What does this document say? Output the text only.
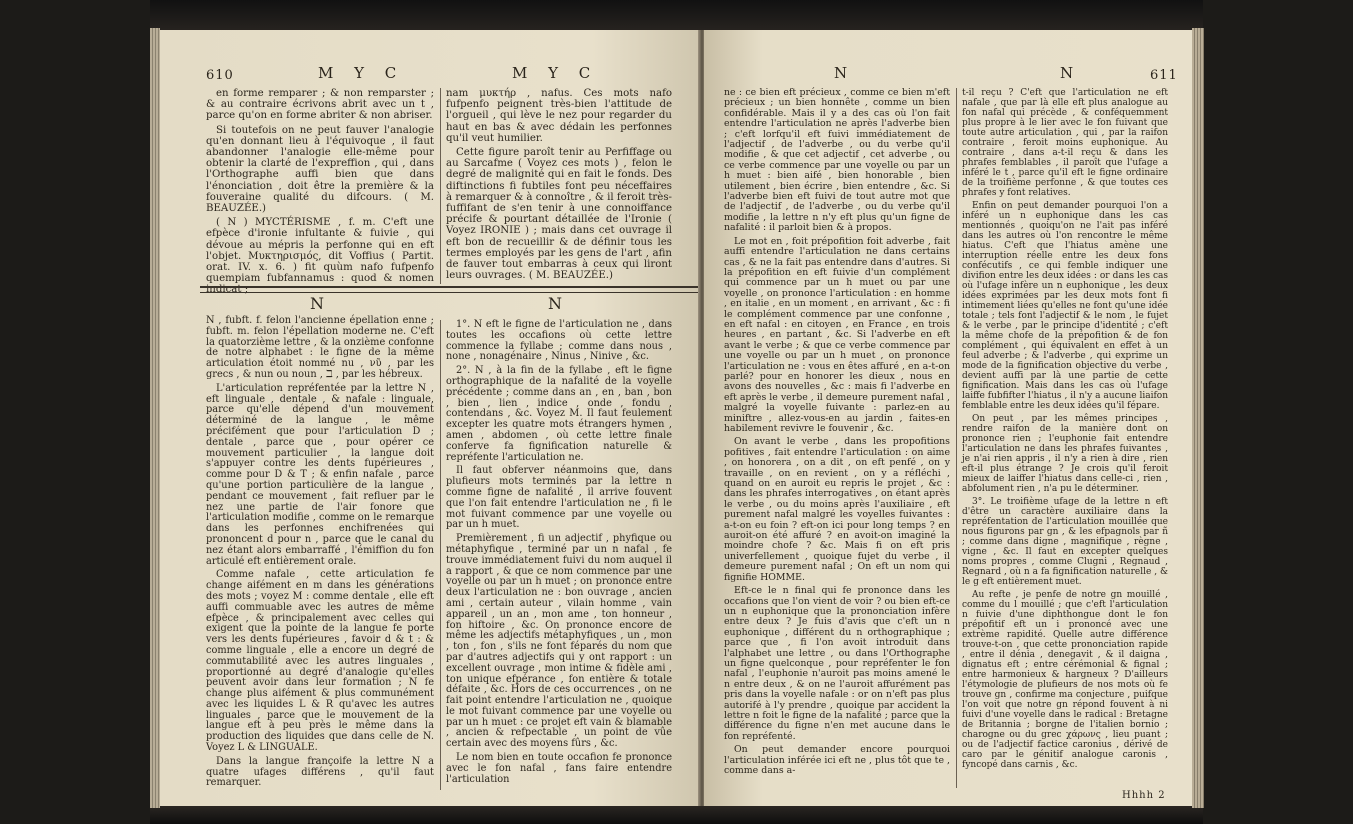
610	M Y C	M Y C

en forme remparer ; & non remparster ; & au contraire écrivons abrit avec un t , parce qu'on en forme abriter & non abriser.

Si toutefois on ne peut fauver l'analogie qu'en donnant lieu à l'équivoque , il faut abandonner l'analogie elle-même pour obtenir la clarté de l'expreffion , qui , dans l'Orthographe auffi bien que dans l'énonciation , doit être la première & la fouveraine qualité du difcours. ( M. BEAUZÉE.)

( N ) MYCTÉRISME , f. m. C'eft une efpèce d'ironie infultante & fuivie , qui dévoue au mépris la perfonne qui en eft l'objet. Mυκτηρισμός, dit Voffius ( Partit. orat. IV. x. 6. ) fit quùm nafo fufpenfo quempiam fubfannamus : quod & nomen indicat ;

nam μυκτήρ , nafus. Ces mots nafo fufpenfo peignent très-bien l'attitude de l'orgueil , qui lève le nez pour regarder du haut en bas & avec dédain les perfonnes qu'il veut humilier.

Cette figure paroît tenir au Perfiffage ou au Sarcafme ( Voyez ces mots ) , felon le degré de malignité qui en fait le fonds. Des diftinctions fi fubtiles font peu néceffaires à remarquer & à connoître , & il feroit très-fuffifant de s'en tenir à une connoiffance précife & pourtant détaillée de l'Ironie ( Voyez IRONIE ) ; mais dans cet ouvrage il eft bon de recueillir & de définir tous les termes employés par les gens de l'art , afin de fauver tout embarras à ceux qui liront leurs ouvrages. ( M. BEAUZÉE.)

N	N

N , fubft. f. felon l'ancienne épellation enne ; fubft. m. felon l'épellation moderne ne. C'eft la quatorzième lettre , & la onzième confonne de notre alphabet : le figne de la même articulation étoit nommé nu , νῦ , par les grecs , & nun ou noun , ℶ , par les hébreux.

L'articulation repréfentée par la lettre N , eft linguale , dentale , & nafale : linguale, parce qu'elle dépend d'un mouvement déterminé de la langue , le même précifément que pour l'articulation D ; dentale , parce que , pour opérer ce mouvement particulier , la langue doit s'appuyer contre les dents fupérieures , comme pour D & T ; & enfin nafale , parce qu'une portion particulière de la langue , pendant ce mouvement , fait refluer par le nez une partie de l'air fonore que l'articulation modifie , comme on le remarque dans les perfonnes enchifrenées qui prononcent d pour n , parce que le canal du nez étant alors embarraffé , l'émiffion du fon articulé eft entièrement orale.

Comme nafale , cette articulation fe change aifément en m dans les générations des mots ; voyez M : comme dentale , elle eft auffi commuable avec les autres de même efpèce , & principalement avec celles qui exigent que la pointe de la langue fe porte vers les dents fupérieures , favoir d & t : & comme linguale , elle a encore un degré de commutabilité avec les autres linguales , proportionné au degré d'analogie qu'elles peuvent avoir dans leur formation ; N fe change plus aifément & plus communément avec les liquides L & R qu'avec les autres linguales , parce que le mouvement de la langue eft à peu près le même dans la production des liquides que dans celle de N. Voyez L & LINGUALE.

Dans la langue françoife la lettre N a quatre ufages différens , qu'il faut remarquer.

1°. N eft le figne de l'articulation ne , dans toutes les occafions où cette lettre commence la fyllabe ; comme dans nous , none , nonagénaire , Ninus , Ninive , &c.

2°. N , à la fin de la fyllabe , eft le figne orthographique de la nafalité de la voyelle précédente ; comme dans an , en , ban , bon , bien , lien , indice , onde , fondu , contendans , &c. Voyez M. Il faut feulement excepter les quatre mots étrangers hymen , amen , abdomen , où cette lettre finale conferve fa fignification naturelle & repréfente l'articulation ne.

Il faut obferver néanmoins que, dans plufieurs mots terminés par la lettre n comme figne de nafalité , il arrive fouvent que l'on fait entendre l'articulation ne , fi le mot fuivant commence par une voyelle ou par un h muet.

Premièrement , fi un adjectif , phyfique ou métaphyfique , terminé par un n nafal , fe trouve immédiatement fuivi du nom auquel il a rapport , & que ce nom commence par une voyelle ou par un h muet ; on prononce entre deux l'articulation ne : bon ouvrage , ancien ami , certain auteur , vilain homme , vain appareil , un an , mon ame , ton honneur , fon hiftoire , &c. On prononce encore de même les adjectifs métaphyfiques , un , mon , ton , fon , s'ils ne font féparés du nom que par d'autres adjectifs qui y ont rapport : un excellent ouvrage , mon intime & fidèle ami , ton unique efpérance , fon entière & totale défaite , &c. Hors de ces occurrences , on ne fait point entendre l'articulation ne , quoique le mot fuivant commence par une voyelle ou par un h muet : ce projet eft vain & blamable , ancien & refpectable , un point de vûe certain avec des moyens fûrs , &c.

Le nom bien en toute occafion fe prononce avec le fon nafal , fans faire entendre l'articulation

N	N	611

ne : ce bien eft précieux , comme ce bien m'eft précieux ; un bien honnête , comme un bien confidérable. Mais il y a des cas où l'on fait entendre l'articulation ne après l'adverbe bien ; c'eft lorfqu'il eft fuivi immédiatement de l'adjectif , de l'adverbe , ou du verbe qu'il modifie , & que cet adjectif , cet adverbe , ou ce verbe commence par une voyelle ou par un h muet : bien aifé , bien honorable , bien utilement , bien écrire , bien entendre , &c. Si l'adverbe bien eft fuivi de tout autre mot que de l'adjectif , de l'adverbe , ou du verbe qu'il modifie , la lettre n n'y eft plus qu'un figne de nafalité : il parloit bien & à propos.

Le mot en , foit prépofition foit adverbe , fait auffi entendre l'articulation ne dans certains cas , & ne la fait pas entendre dans d'autres. Si la prépofition en eft fuivie d'un complément qui commence par un h muet ou par une voyelle , on prononce l'articulation : en homme , en italie , en un moment , en arrivant , &c : fi le complément commence par une confonne , en eft nafal : en citoyen , en France , en trois heures , en partant , &c. Si l'adverbe en eft avant le verbe ; & que ce verbe commence par une voyelle ou par un h muet , on prononce l'articulation ne : vous en êtes affuré , en a-t-on parlé? pour en honorer les dieux , nous en avons des nouvelles , &c : mais fi l'adverbe en eft après le verbe , il demeure purement nafal , malgré la voyelle fuivante : parlez-en au miniftre , allez-vous-en au jardin , faites-en habilement revivre le fouvenir , &c.

On avant le verbe , dans les propofitions pofitives , fait entendre l'articulation : on aime , on honorera , on a dit , on eft penfé , on y travaille , on en revient , on y a réfléchi , quand on en auroit eu repris le projet , &c : dans les phrafes interrogatives , on étant après le verbe , ou du moins après l'auxiliaire , eft purement nafal malgré les voyelles fuivantes : a-t-on eu foin ? eft-on ici pour long temps ? en auroit-on été affuré ? en avoit-on imaginé la moindre chofe ? &c. Mais fi on eft pris univerfellement , quoique fujet du verbe , il demeure purement nafal ; On eft un nom qui fignifie HOMME.

Eft-ce le n final qui fe prononce dans les occafions que l'on vient de voir ? ou bien eft-ce un n euphonique que la prononciation infère entre deux ? Je fuis d'avis que c'eft un n euphonique , différent du n orthographique ; parce que , fi l'on avoit introduit dans l'alphabet une lettre , ou dans l'Orthographe un figne quelconque , pour repréfenter le fon nafal , l'euphonie n'auroit pas moins amené le n entre deux , & on ne l'auroit affurément pas pris dans la voyelle nafale : or on n'eft pas plus autorifé à l'y prendre , quoique par accident la lettre n foit le figne de la nafalité ; parce que la différence du figne n'en met aucune dans le fon repréfenté.

On peut demander encore pourquoi l'articulation inférée ici eft ne , plus tôt que te , comme dans a-

t-il reçu ? C'eft que l'articulation ne eft nafale , que par là elle eft plus analogue au fon nafal qui précède , & conféquemment plus propre à le lier avec le fon fuivant que toute autre articulation , qui , par la raifon contraire , feroit moins euphonique. Au contraire , dans a-t-il reçu & dans les phrafes femblables , il paroît que l'ufage a inféré le t , parce qu'il eft le figne ordinaire de la troifième perfonne , & que toutes ces phrafes y font relatives.

Enfin on peut demander pourquoi l'on a inféré un n euphonique dans les cas mentionnés , quoiqu'on ne l'ait pas inféré dans les autres où l'on rencontre le même hiatus. C'eft que l'hiatus amène une interruption réelle entre les deux fons confécutifs , ce qui femble indiquer une divifion entre les deux idées : or dans les cas où l'ufage infère un n euphonique , les deux idées exprimées par les deux mots font fi intimement liées qu'elles ne font qu'une idée totale ; tels font l'adjectif & le nom , le fujet & le verbe , par le principe d'identité ; c'eft la même chofe de la prépofition & de fon complément , qui équivalent en effet à un feul adverbe ; & l'adverbe , qui exprime un mode de la fignification objective du verbe , devient auffi par là une partie de cette fignification. Mais dans les cas où l'ufage laiffe fubfifter l'hiatus , il n'y a aucune liaifon femblable entre les deux idées qu'il fépare.

On peut , par les mêmes principes , rendre raifon de la manière dont on prononce rien ; l'euphonie fait entendre l'articulation ne dans les phrafes fuivantes , je n'ai rien appris , il n'y a rien à dire , rien eft-il plus étrange ? Je crois qu'il feroit mieux de laiffer l'hiatus dans celle-ci , rien , abfolument rien , n'a pu le déterminer.

3°. Le troifième ufage de la lettre n eft d'être un caractère auxiliaire dans la repréfentation de l'articulation mouillée que nous figurons par gn , & les efpagnols par ñ ; comme dans digne , magnifique , règne , vigne , &c. Il faut en excepter quelques noms propres , comme Clugni , Regnaud , Regnard , où n a fa fignification naturelle , & le g eft entièrement muet.

Au refte , je penfe de notre gn mouillé , comme du l mouillé ; que c'eft l'articulation n fuivie d'une diphthongue dont le fon prépofitif eft un i prononcé avec une extrème rapidité. Quelle autre différence trouve-t-on , que cette prononciation rapide , entre il dénia , denegavit , & il daigna , dignatus eft ; entre cérémonial & fignal ; entre harmonieux & hargneux ? D'ailleurs l'étymologie de plufieurs de nos mots où fe trouve gn , confirme ma conjecture , puifque l'on voit que notre gn répond fouvent à ni fuivi d'une voyelle dans le radical : Bretagne de Britannia ; borgne de l'italien bornio ; charogne ou du grec χάρωνς , lieu puant ; ou de l'adjectif factice caronius , dérivé de caro par le génitif analogue caronis , fyncopé dans carnis , &c.

Hhhh 2
